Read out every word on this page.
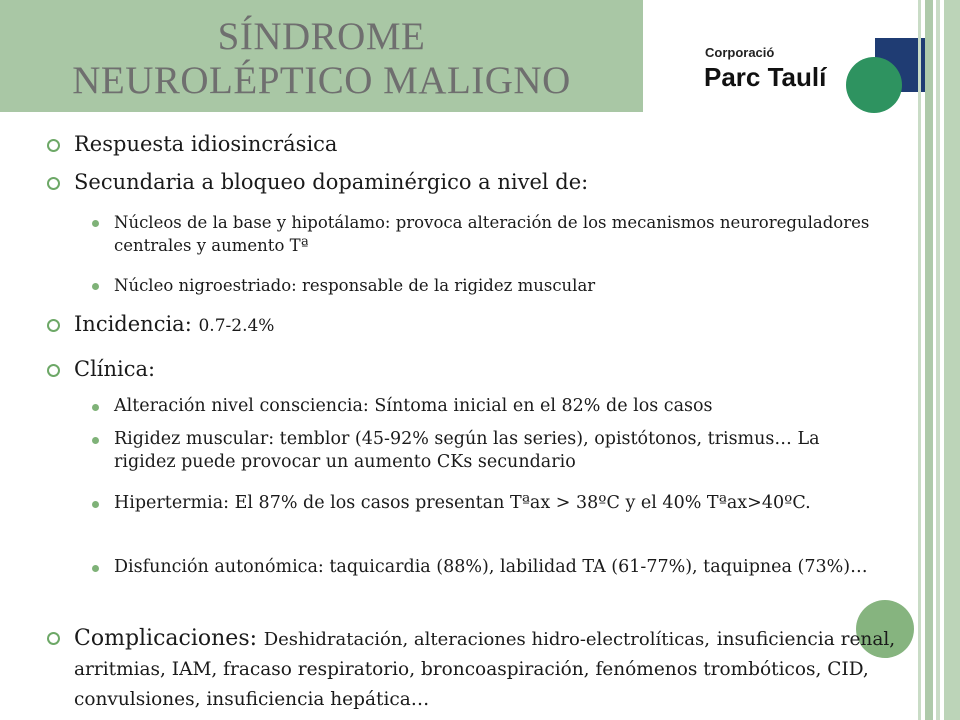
SÍNDROME
NEUROLÉPTICO MALIGNO
Corporació
Parc Taulí
Respuesta idiosincrásica
Secundaria a bloqueo dopaminérgico a nivel de:
Núcleos de la base y hipotálamo: provoca alteración de los mecanismos neuroreguladores centrales y aumento Tª
Núcleo nigroestriado: responsable de la rigidez muscular
Incidencia: 0.7-2.4%
Clínica:
Alteración nivel consciencia: Síntoma inicial en el 82% de los casos
Rigidez muscular: temblor (45-92% según las series), opistótonos, trismus… La rigidez puede provocar un aumento CKs secundario
Hipertermia: El 87% de los casos presentan Tªax > 38ºC y el 40% Tªax>40ºC.
Disfunción autonómica: taquicardia (88%), labilidad TA (61-77%), taquipnea (73%)…
Complicaciones: Deshidratación, alteraciones hidro-electrolíticas, insuficiencia renal, arritmias, IAM, fracaso respiratorio, broncoaspiración, fenómenos trombóticos, CID, convulsiones, insuficiencia hepática…
